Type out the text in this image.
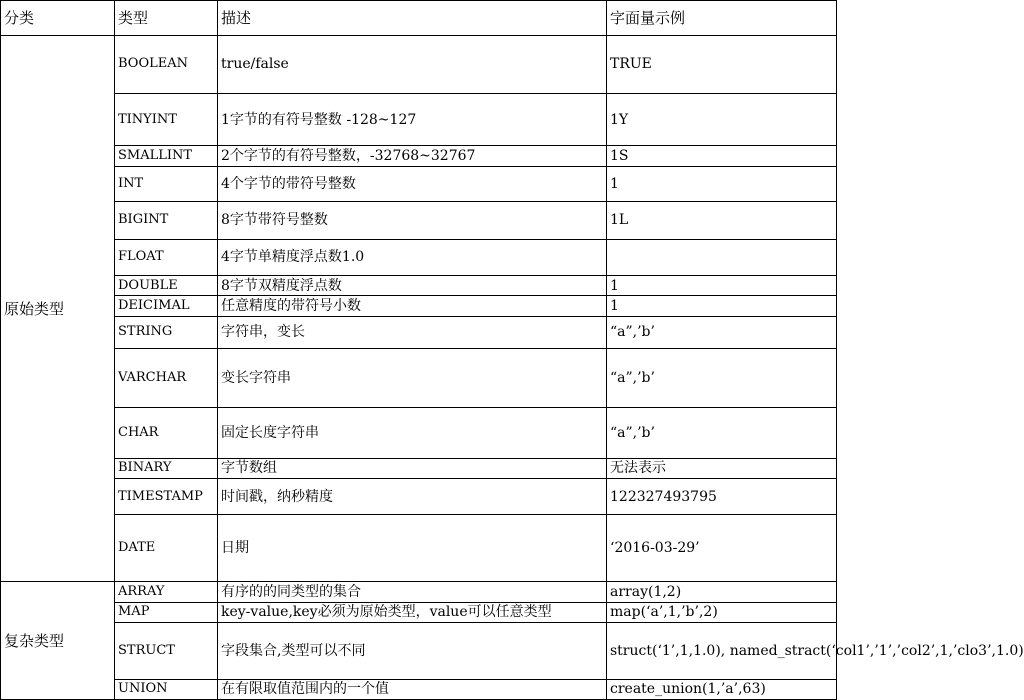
分类	类型	描述	字面量示例
原始类型	BOOLEAN	true/false	TRUE
	TINYINT	1字节的有符号整数 -128~127	1Y
	SMALLINT	2个字节的有符号整数，-32768~32767	1S
	INT	4个字节的带符号整数	1
	BIGINT	8字节带符号整数	1L
	FLOAT	4字节单精度浮点数1.0	
	DOUBLE	8字节双精度浮点数	1
	DEICIMAL	任意精度的带符号小数	1
	STRING	字符串，变长	“a”,’b’
	VARCHAR	变长字符串	“a”,’b’
	CHAR	固定长度字符串	“a”,’b’
	BINARY	字节数组	无法表示
	TIMESTAMP	时间戳，纳秒精度	122327493795
	DATE	日期	‘2016-03-29’
复杂类型	ARRAY	有序的的同类型的集合	array(1,2)
	MAP	key-value,key必须为原始类型，value可以任意类型	map(‘a’,1,’b’,2)
	STRUCT	字段集合,类型可以不同	struct(‘1’,1,1.0), named_stract(‘col1’,’1’,’col2’,1,’clo3’,1.0)
	UNION	在有限取值范围内的一个值	create_union(1,’a’,63)
